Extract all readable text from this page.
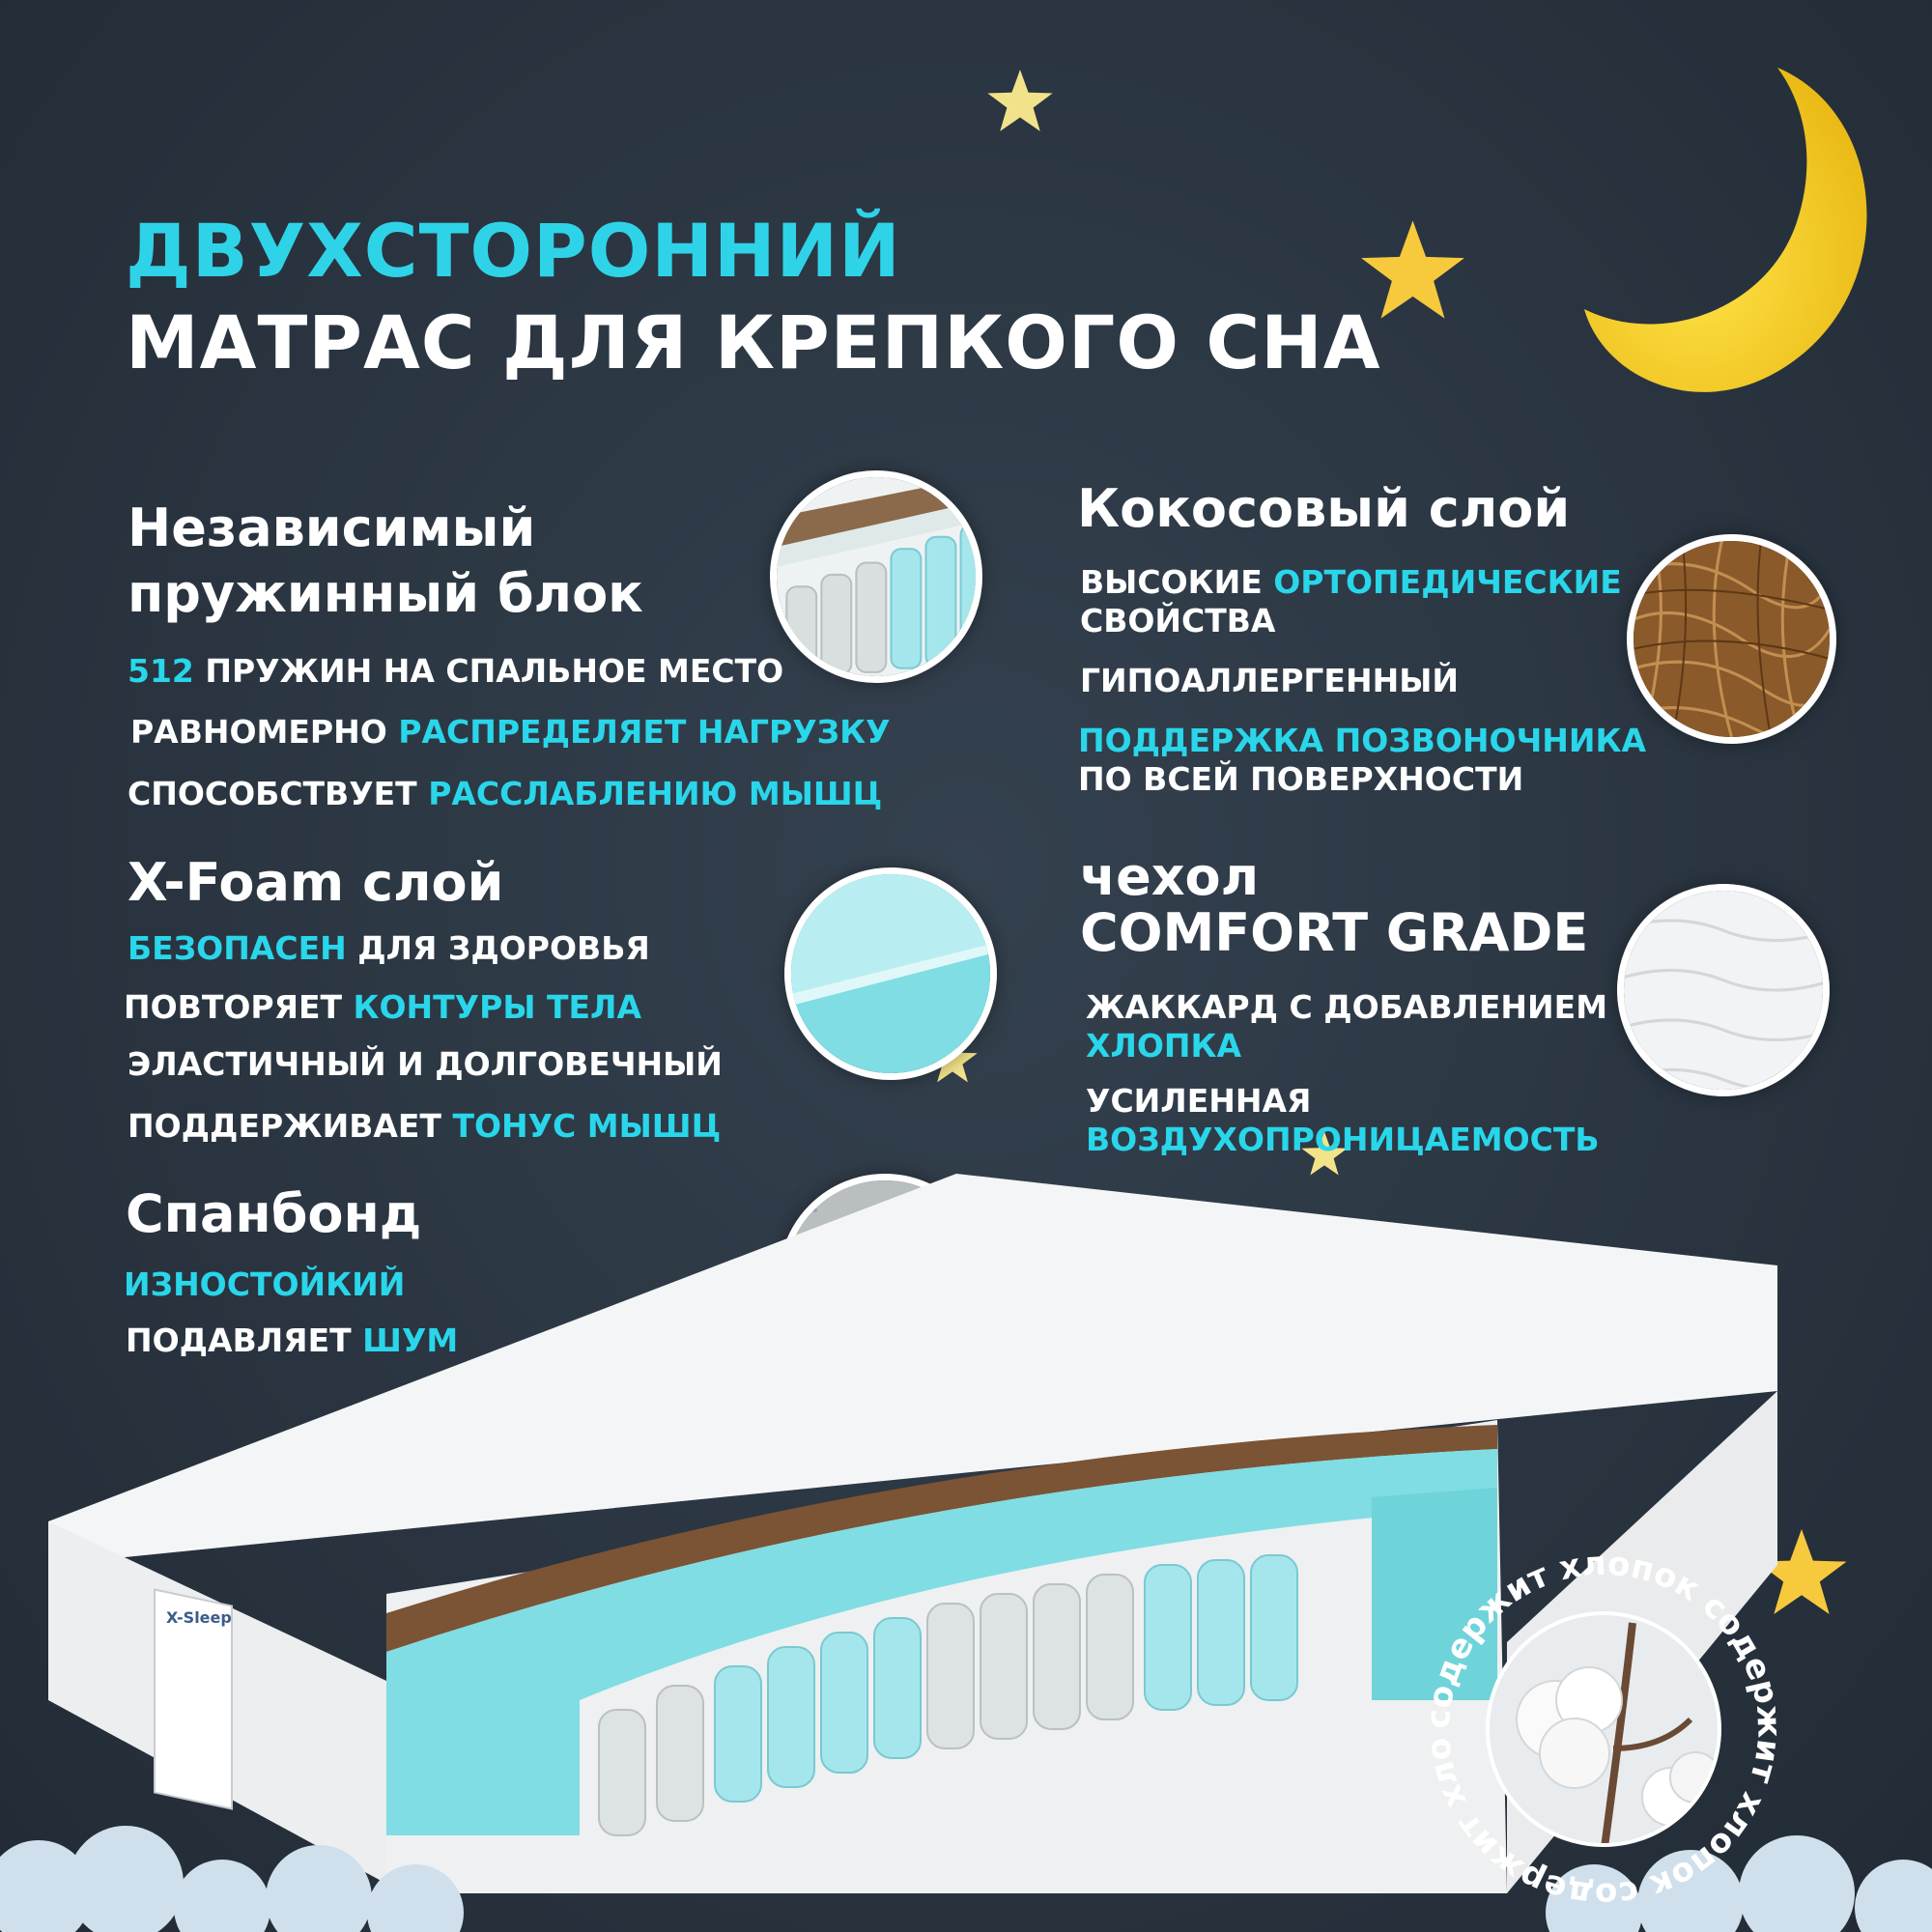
ДВУХСТОРОННИЙ
МАТРАС ДЛЯ КРЕПКОГО СНА
Независимый
пружинный блок

512 ПРУЖИН НА СПАЛЬНОЕ МЕСТО

РАВНОМЕРНО РАСПРЕДЕЛЯЕТ НАГРУЗКУ

СПОСОБСТВУЕТ РАССЛАБЛЕНИЮ МЫШЦ

X-Foam слой

БЕЗОПАСЕН ДЛЯ ЗДОРОВЬЯ

ПОВТОРЯЕТ КОНТУРЫ ТЕЛА

ЭЛАСТИЧНЫЙ И ДОЛГОВЕЧНЫЙ

ПОДДЕРЖИВАЕТ ТОНУС МЫШЦ

Спанбонд

ИЗНОСТОЙКИЙ

ПОДАВЛЯЕТ ШУМ

Кокосовый слой

ВЫСОКИЕ ОРТОПЕДИЧЕСКИЕ

СВОЙСТВА

ГИПОАЛЛЕРГЕННЫЙ

ПОДДЕРЖКА ПОЗВОНОЧНИКА

ПО ВСЕЙ ПОВЕРХНОСТИ

чехол
COMFORT GRADE

ЖАККАРД С ДОБАВЛЕНИЕМ

ХЛОПКА

УСИЛЕННАЯ

ВОЗДУХОПРОНИЦАЕМОСТЬ

X-Sleep
содержит хлопок содержит хлопок содержит хло
